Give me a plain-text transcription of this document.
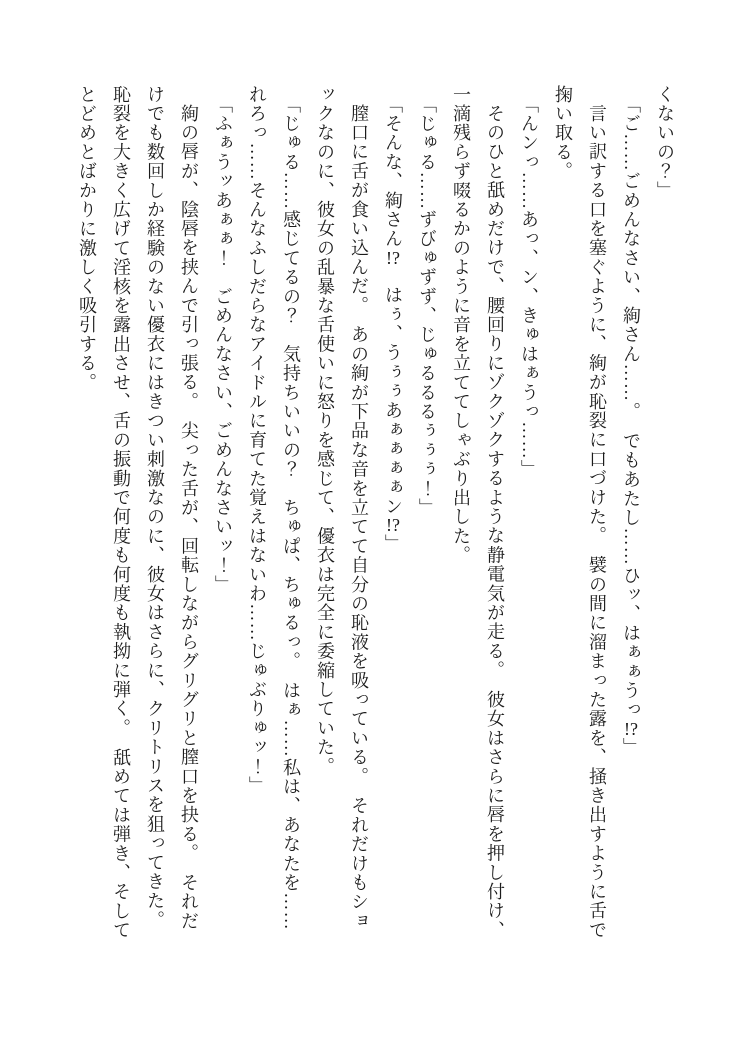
くないの？」

「ご……ごめんなさい、絢さん……。　でもあたし……ひッ、はぁぁうっ!?」

言い訳する口を塞ぐように、絢が恥裂に口づけた。　襞の間に溜まった露を、掻き出すように舌で掬い取る。

「んンっ……あっ、ン、きゅはぁうっ……」

そのひと舐めだけで、腰回りにゾクゾクするような静電気が走る。　彼女はさらに唇を押し付け、一滴残らず啜るかのように音を立ててしゃぶり出した。

「じゅる……ずびゅずず、じゅるるるぅぅぅ！」

「そんな、絢さん!?　はぅ、うぅぅあぁぁぁぁン!?」

膣口に舌が食い込んだ。　あの絢が下品な音を立てて自分の恥液を吸っている。　それだけもショックなのに、彼女の乱暴な舌使いに怒りを感じて、優衣は完全に委縮していた。

「じゅる……感じてるの？　気持ちいいの？　ちゅぱ、ちゅるっ。　はぁ……私は、あなたを……れろっ……そんなふしだらなアイドルに育てた覚えはないわ……じゅぶりゅッ！」

「ふぁうッあぁぁ！　ごめんなさい、ごめんなさいッ！」

絢の唇が、陰唇を挟んで引っ張る。　尖った舌が、回転しながらグリグリと膣口を抉る。　それだけでも数回しか経験のない優衣にはきつい刺激なのに、彼女はさらに、クリトリスを狙ってきた。　恥裂を大きく広げて淫核を露出させ、舌の振動で何度も何度も執拗に弾く。　舐めては弾き、そしてとどめとばかりに激しく吸引する。
